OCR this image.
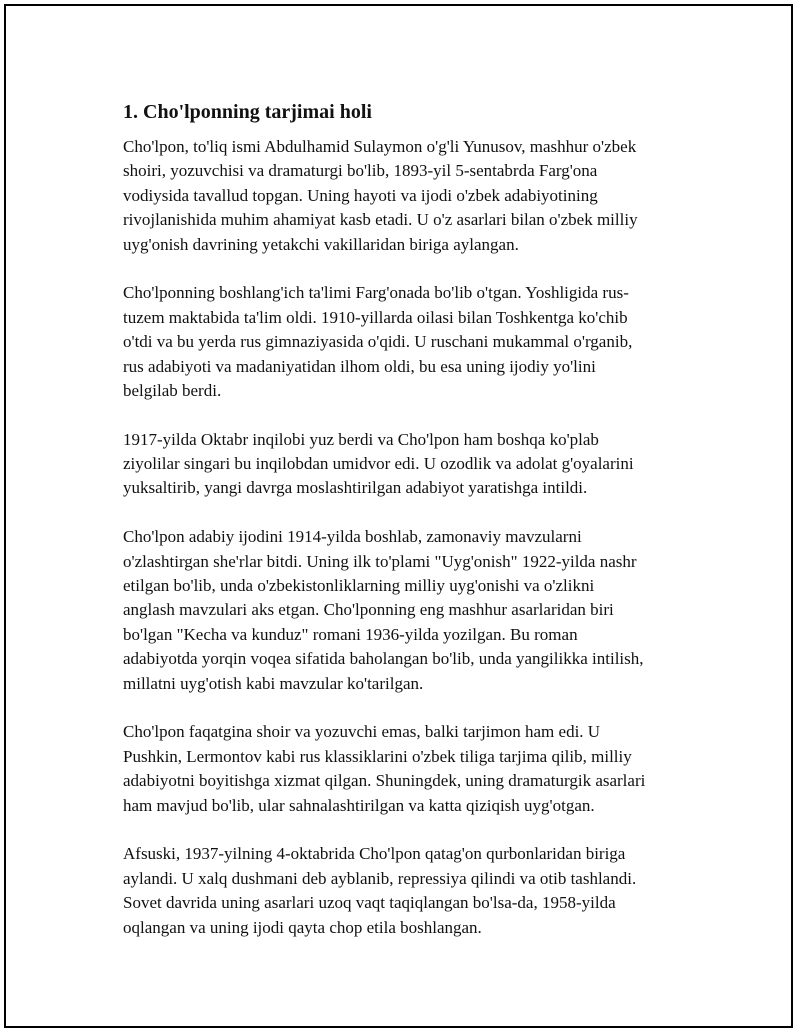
1. Cho'lponning tarjimai holi
Cho'lpon, to'liq ismi Abdulhamid Sulaymon o'g'li Yunusov, mashhur o'zbek
shoiri, yozuvchisi va dramaturgi bo'lib, 1893-yil 5-sentabrda Farg'ona
vodiysida tavallud topgan. Uning hayoti va ijodi o'zbek adabiyotining
rivojlanishida muhim ahamiyat kasb etadi. U o'z asarlari bilan o'zbek milliy
uyg'onish davrining yetakchi vakillaridan biriga aylangan.
Cho'lponning boshlang'ich ta'limi Farg'onada bo'lib o'tgan. Yoshligida rus-
tuzem maktabida ta'lim oldi. 1910-yillarda oilasi bilan Toshkentga ko'chib
o'tdi va bu yerda rus gimnaziyasida o'qidi. U ruschani mukammal o'rganib,
rus adabiyoti va madaniyatidan ilhom oldi, bu esa uning ijodiy yo'lini
belgilab berdi.
1917-yilda Oktabr inqilobi yuz berdi va Cho'lpon ham boshqa ko'plab
ziyolilar singari bu inqilobdan umidvor edi. U ozodlik va adolat g'oyalarini
yuksaltirib, yangi davrga moslashtirilgan adabiyot yaratishga intildi.
Cho'lpon adabiy ijodini 1914-yilda boshlab, zamonaviy mavzularni
o'zlashtirgan she'rlar bitdi. Uning ilk to'plami "Uyg'onish" 1922-yilda nashr
etilgan bo'lib, unda o'zbekistonliklarning milliy uyg'onishi va o'zlikni
anglash mavzulari aks etgan. Cho'lponning eng mashhur asarlaridan biri
bo'lgan "Kecha va kunduz" romani 1936-yilda yozilgan. Bu roman
adabiyotda yorqin voqea sifatida baholangan bo'lib, unda yangilikka intilish,
millatni uyg'otish kabi mavzular ko'tarilgan.
Cho'lpon faqatgina shoir va yozuvchi emas, balki tarjimon ham edi. U
Pushkin, Lermontov kabi rus klassiklarini o'zbek tiliga tarjima qilib, milliy
adabiyotni boyitishga xizmat qilgan. Shuningdek, uning dramaturgik asarlari
ham mavjud bo'lib, ular sahnalashtirilgan va katta qiziqish uyg'otgan.
Afsuski, 1937-yilning 4-oktabrida Cho'lpon qatag'on qurbonlaridan biriga
aylandi. U xalq dushmani deb ayblanib, repressiya qilindi va otib tashlandi.
Sovet davrida uning asarlari uzoq vaqt taqiqlangan bo'lsa-da, 1958-yilda
oqlangan va uning ijodi qayta chop etila boshlangan.
